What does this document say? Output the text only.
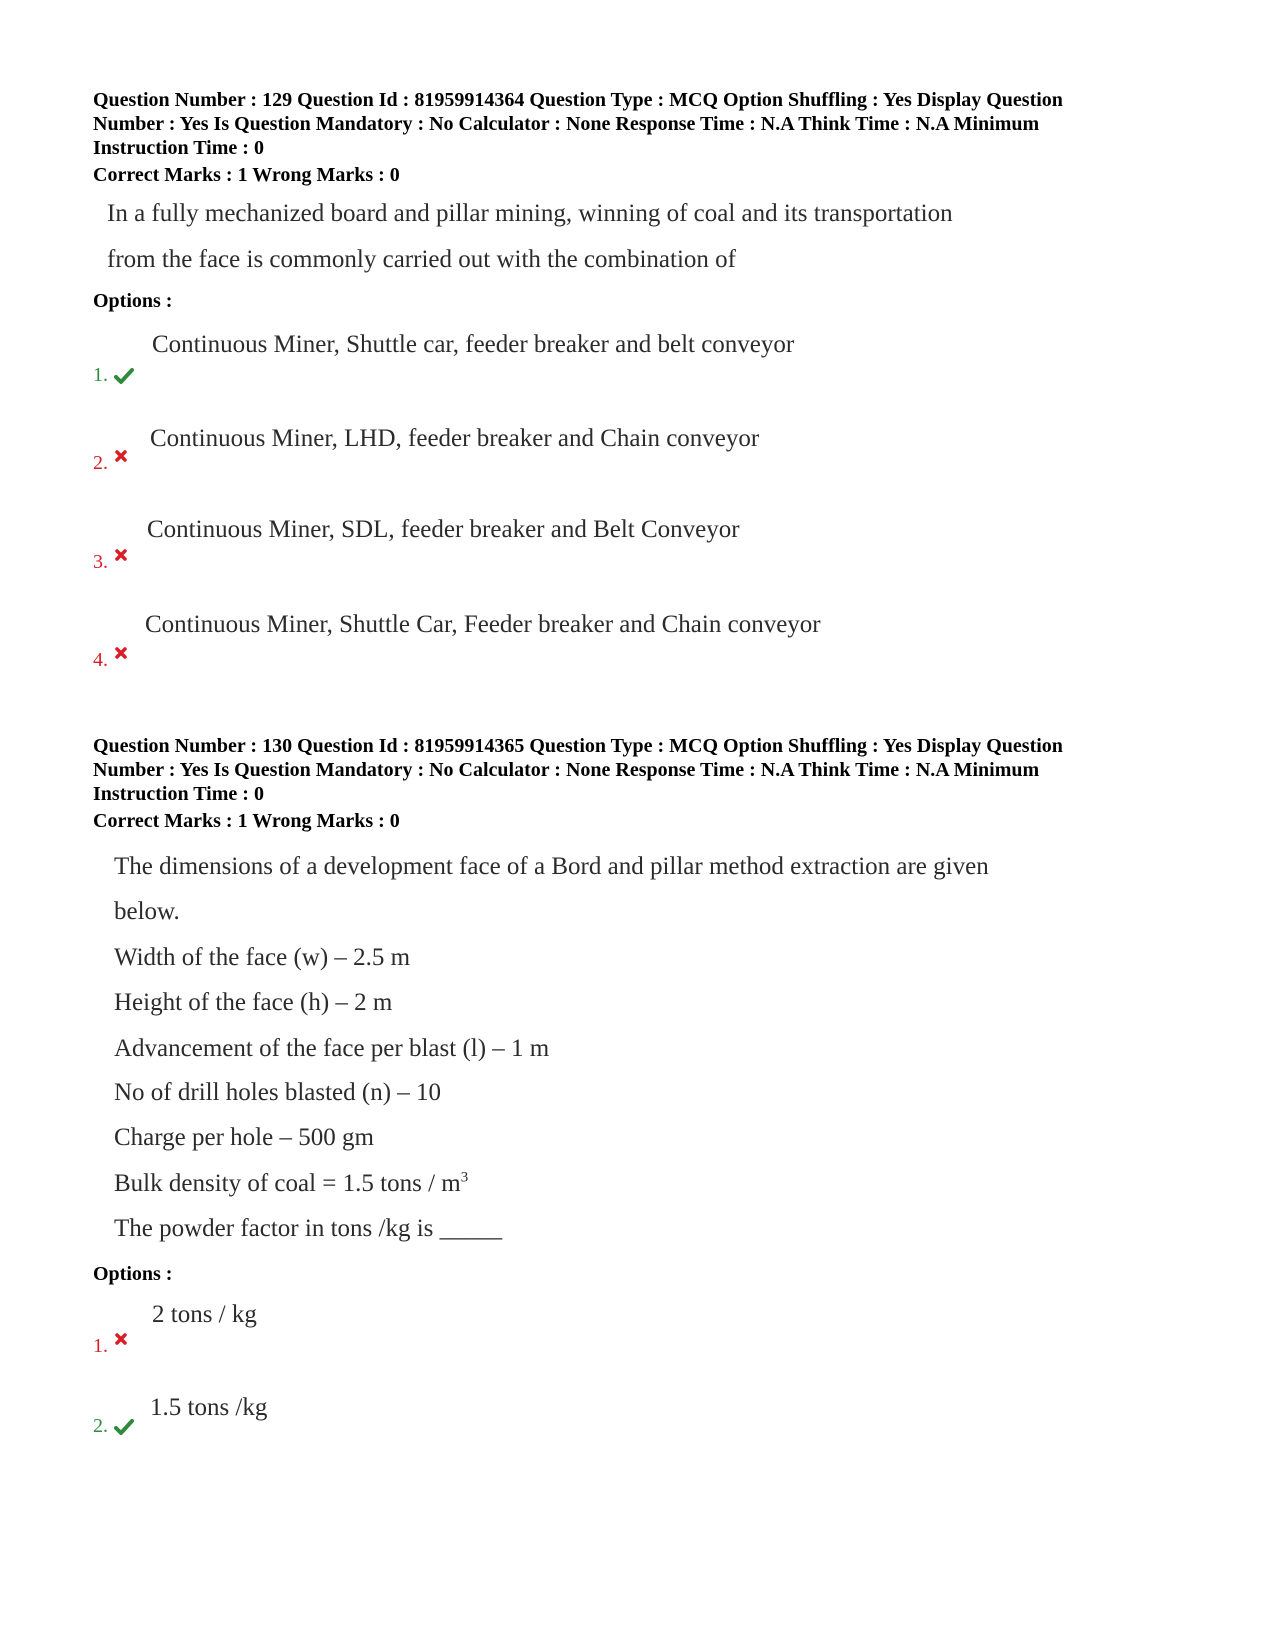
Question Number : 129 Question Id : 81959914364 Question Type : MCQ Option Shuffling : Yes Display Question
Number : Yes Is Question Mandatory : No Calculator : None Response Time : N.A Think Time : N.A Minimum
Instruction Time : 0
Correct Marks : 1 Wrong Marks : 0
In a fully mechanized board and pillar mining, winning of coal and its transportation
from the face is commonly carried out with the combination of
Options :
Continuous Miner, Shuttle car, feeder breaker and belt conveyor
1.
Continuous Miner, LHD, feeder breaker and Chain conveyor
2.
Continuous Miner, SDL, feeder breaker and Belt Conveyor
3.
Continuous Miner, Shuttle Car, Feeder breaker and Chain conveyor
4.
Question Number : 130 Question Id : 81959914365 Question Type : MCQ Option Shuffling : Yes Display Question
Number : Yes Is Question Mandatory : No Calculator : None Response Time : N.A Think Time : N.A Minimum
Instruction Time : 0
Correct Marks : 1 Wrong Marks : 0
The dimensions of a development face of a Bord and pillar method extraction are given
below.
Width of the face (w) – 2.5 m
Height of the face (h) – 2 m
Advancement of the face per blast (l) – 1 m
No of drill holes blasted (n) – 10
Charge per hole – 500 gm
Bulk density of coal = 1.5 tons / $m^3$
The powder factor in tons /kg is _____
Options :
2 tons / kg
1.
1.5 tons /kg
2.
